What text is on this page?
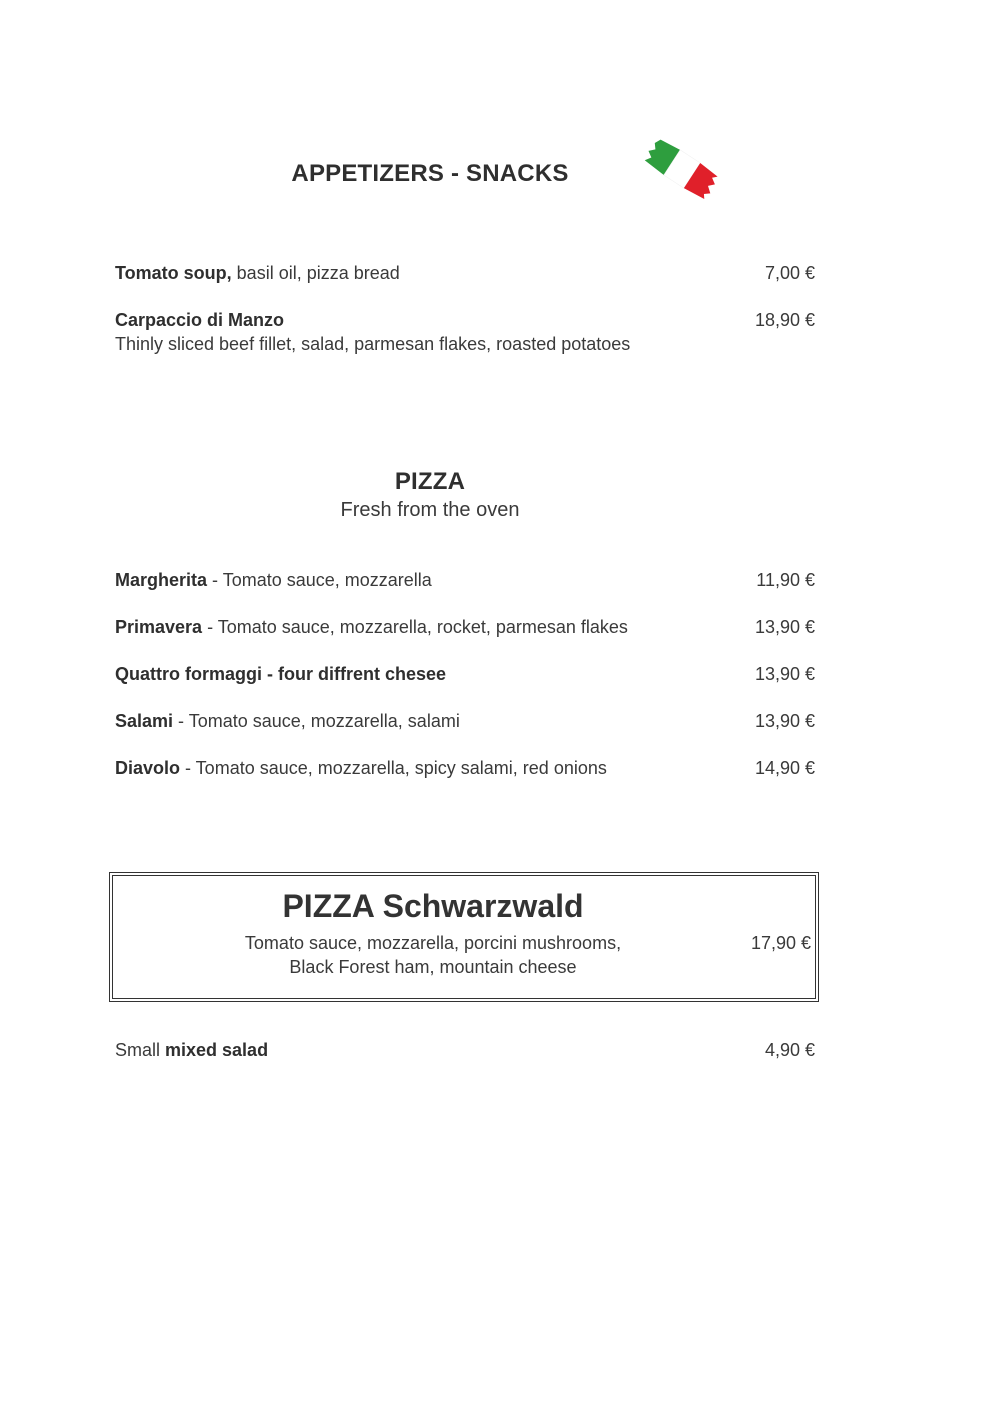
APPETIZERS - SNACKS
Tomato soup, basil oil, pizza bread	7,00 €
Carpaccio di Manzo	18,90 €
Thinly sliced beef fillet, salad, parmesan flakes, roasted potatoes
PIZZA
Fresh from the oven
Margherita - Tomato sauce, mozzarella	11,90 €
Primavera - Tomato sauce, mozzarella, rocket, parmesan flakes	13,90 €
Quattro formaggi - four diffrent chesee	13,90 €
Salami - Tomato sauce, mozzarella, salami	13,90 €
Diavolo - Tomato sauce, mozzarella, spicy salami, red onions	14,90 €
PIZZA Schwarzwald
Tomato sauce, mozzarella, porcini mushrooms,
Black Forest ham, mountain cheese
17,90 €
Small mixed salad	4,90 €
